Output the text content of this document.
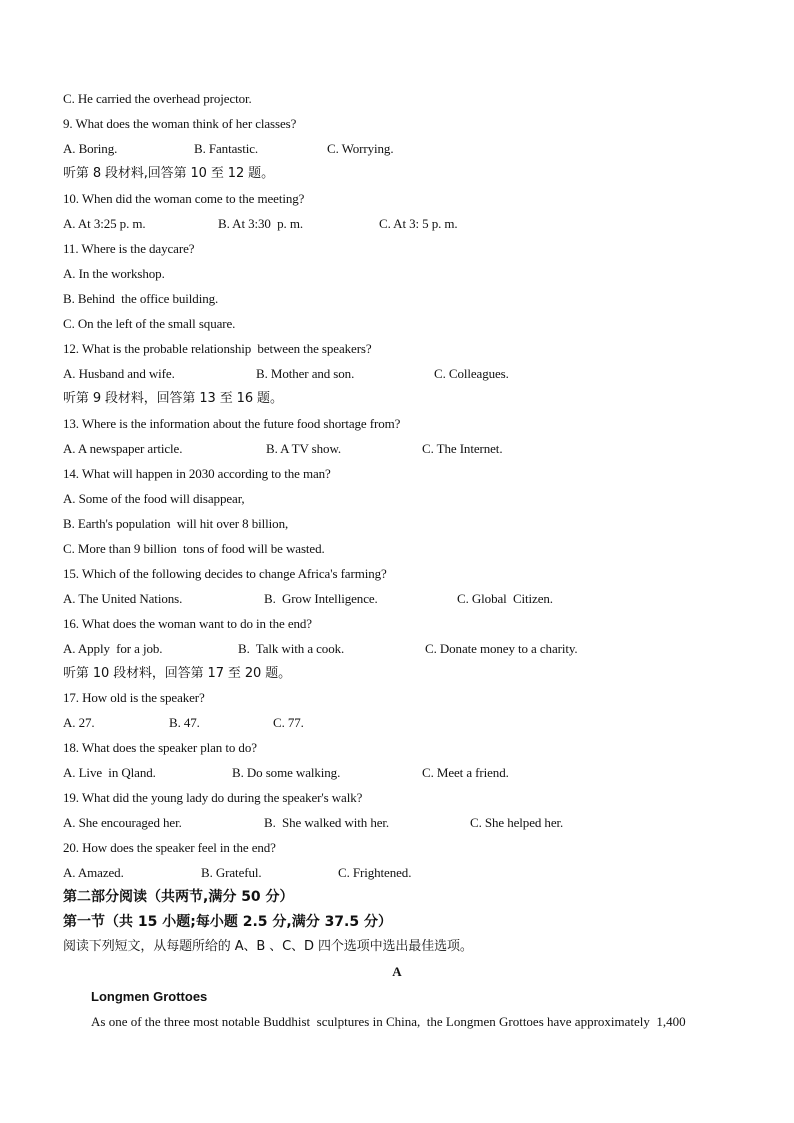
C. He carried the overhead projector.
9. What does the woman think of her classes?

A. Boring.

	B. Fantastic.

	C. Worrying.

听第 8 段材料,回答第 10 至 12 题。
10. When did the woman come to the meeting?

A. At 3:25 p. m.

	B. At 3:30  p. m.

	C. At 3: 5 p. m.

11. Where is the daycare?
A. In the workshop.
B. Behind  the office building.
C. On the left of the small square.
12. What is the probable relationship  between the speakers?

A. Husband and wife.

	B. Mother and son.

	C. Colleagues.

听第 9 段材料，回答第 13 至 16 题。
13. Where is the information about the future food shortage from?

A. A newspaper article.

	B. A TV show.

	C. The Internet.

14. What will happen in 2030 according to the man?
A. Some of the food will disappear,
B. Earth's population  will hit over 8 billion,
C. More than 9 billion  tons of food will be wasted.
15. Which of the following decides to change Africa's farming?

A. The United Nations.

	B.  Grow Intelligence.

	C. Global  Citizen.

16. What does the woman want to do in the end?

A. Apply  for a job.

	B.  Talk with a cook.

	C. Donate money to a charity.

听第 10 段材料，回答第 17 至 20 题。
17. How old is the speaker?

A. 27.

	B. 47.

	C. 77.

18. What does the speaker plan to do?

A. Live  in Qland.

	B. Do some walking.

	C. Meet a friend.

19. What did the young lady do during the speaker's walk?

A. She encouraged her.

	B.  She walked with her.

	C. She helped her.

20. How does the speaker feel in the end?

A. Amazed.

	B. Grateful.

	C. Frightened.

第二部分阅读（共两节,满分 50 分）
第一节（共 15 小题;每小题 2.5 分,满分 37.5 分）
阅读下列短文，从每题所给的 A、B 、C、D 四个选项中选出最佳选项。
A
Longmen Grottoes
As one of the three most notable Buddhist  sculptures in China,  the Longmen Grottoes have approximately  1,400
